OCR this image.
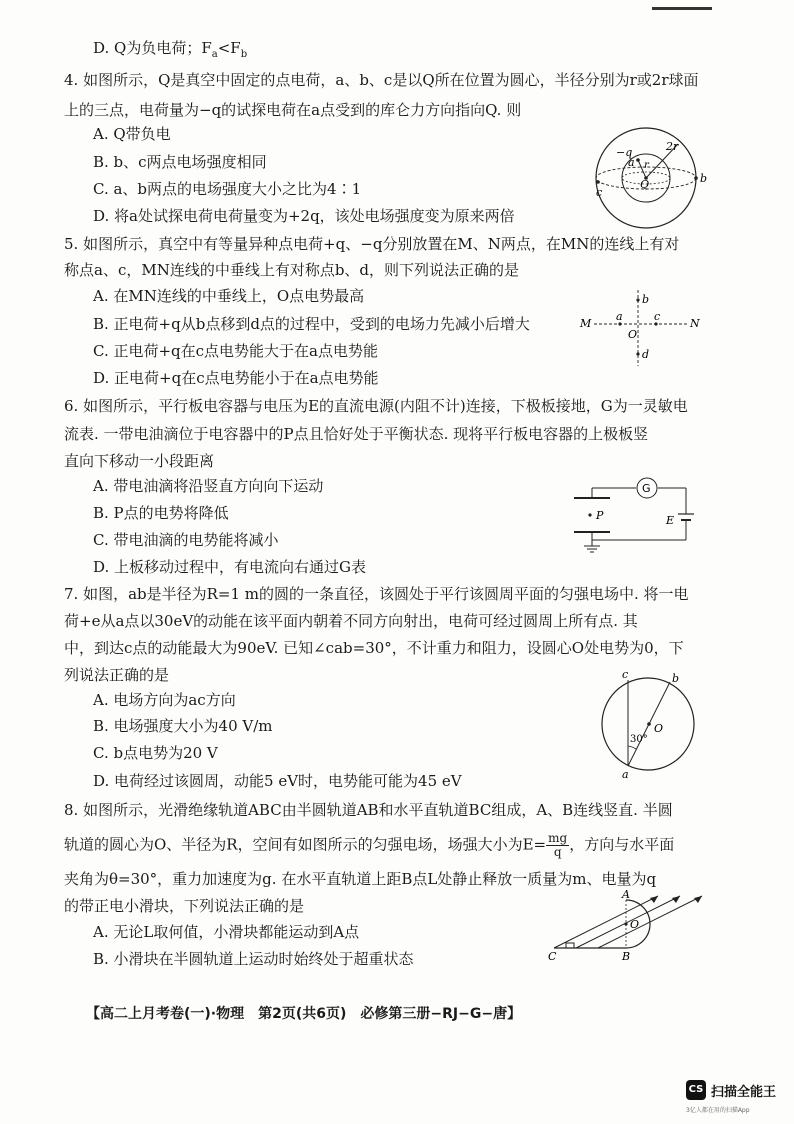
D. Q为负电荷；$F_a<F_b$
4. 如图所示，Q是真空中固定的点电荷，a、b、c是以Q所在位置为圆心，半径分别为r或2r球面
上的三点，电荷量为−q的试探电荷在a点受到的库仑力方向指向Q. 则
A. Q带负电
B. b、c两点电场强度相同
C. a、b两点的电场强度大小之比为4∶1
D. 将a处试探电荷电荷量变为+2q，该处电场强度变为原来两倍
−q
a r
2r
Q	b
c
5. 如图所示，真空中有等量异种点电荷+q、−q分别放置在M、N两点，在MN的连线上有对
称点a、c，MN连线的中垂线上有对称点b、d，则下列说法正确的是
A. 在MN连线的中垂线上，O点电势最高
B. 正电荷+q从b点移到d点的过程中，受到的电场力先减小后增大
C. 正电荷+q在c点电势能大于在a点电势能
D. 正电荷+q在c点电势能小于在a点电势能
M
a	c
N
O
b
d
6. 如图所示，平行板电容器与电压为E的直流电源(内阻不计)连接，下极板接地，G为一灵敏电
流表. 一带电油滴位于电容器中的P点且恰好处于平衡状态. 现将平行板电容器的上极板竖
直向下移动一小段距离
A. 带电油滴将沿竖直方向向下运动
B. P点的电势将降低
C. 带电油滴的电势能将减小
D. 上板移动过程中，有电流向右通过G表
G
P	E
7. 如图，ab是半径为R=1 m的圆的一条直径，该圆处于平行该圆周平面的匀强电场中. 将一电
荷+e从a点以30eV的动能在该平面内朝着不同方向射出，电荷可经过圆周上所有点. 其
中，到达c点的动能最大为90eV. 已知∠cab=30°，不计重力和阻力，设圆心O处电势为0，下
列说法正确的是
A. 电场方向为ac方向
B. 电场强度大小为40 V/m
C. b点电势为20 V
D. 电荷经过该圆周，动能5 eV时，电势能可能为45 eV
c	b
O
a
30°
8. 如图所示，光滑绝缘轨道ABC由半圆轨道AB和水平直轨道BC组成，A、B连线竖直. 半圆
轨道的圆心为O、半径为R，空间有如图所示的匀强电场，场强大小为$E= \frac{mg}{q}$ ，方向与水平面
夹角为θ=30°，重力加速度为g. 在水平直轨道上距B点L处静止释放一质量为m、电量为q
的带正电小滑块，下列说法正确的是
A. 无论L取何值，小滑块都能运动到A点
B. 小滑块在半圆轨道上运动时始终处于超重状态
A
O
C	B
【高二上月考卷(一)·物理　第2页(共6页)　必修第三册−RJ−G−唐】
CS 扫描全能王
3亿人都在用的扫描App
